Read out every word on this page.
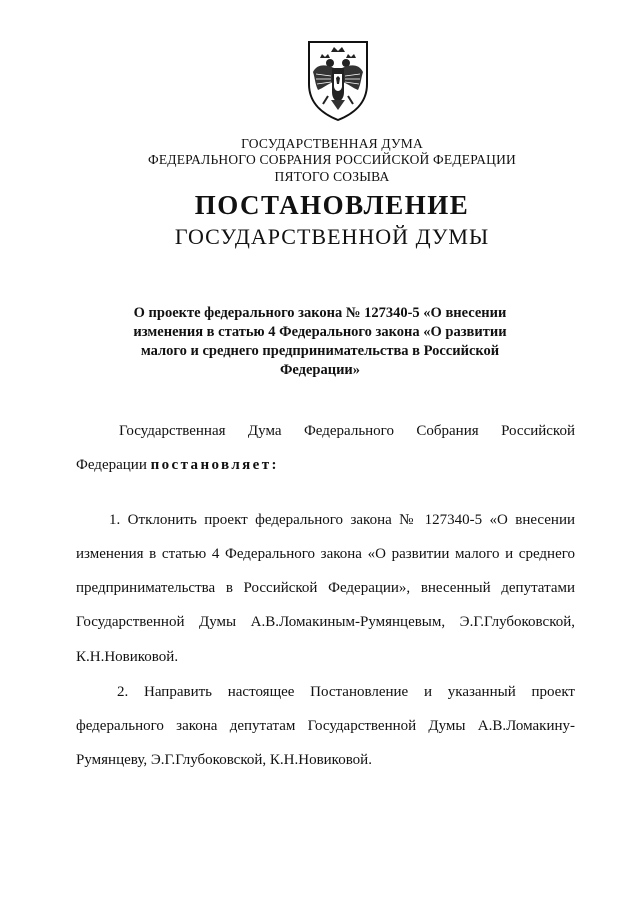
ГОСУДАРСТВЕННАЯ ДУМА
ФЕДЕРАЛЬНОГО СОБРАНИЯ РОССИЙСКОЙ ФЕДЕРАЦИИ
ПЯТОГО СОЗЫВА
ПОСТАНОВЛЕНИЕ
ГОСУДАРСТВЕННОЙ ДУМЫ
О проекте федерального закона № 127340-5 «О внесении
изменения в статью 4 Федерального закона «О развитии
малого и среднего предпринимательства в Российской
Федерации»
Государственная Дума Федерального Собрания Российской
Федерации постановляет:
1. Отклонить проект федерального закона № 127340-5 «О внесении
изменения в статью 4 Федерального закона «О развитии малого и среднего
предпринимательства в Российской Федерации», внесенный депутатами
Государственной Думы А.В.Ломакиным-Румянцевым, Э.Г.Глубоковской,
К.Н.Новиковой.
2. Направить настоящее Постановление и указанный проект
федерального закона депутатам Государственной Думы А.В.Ломакину-
Румянцеву, Э.Г.Глубоковской, К.Н.Новиковой.
